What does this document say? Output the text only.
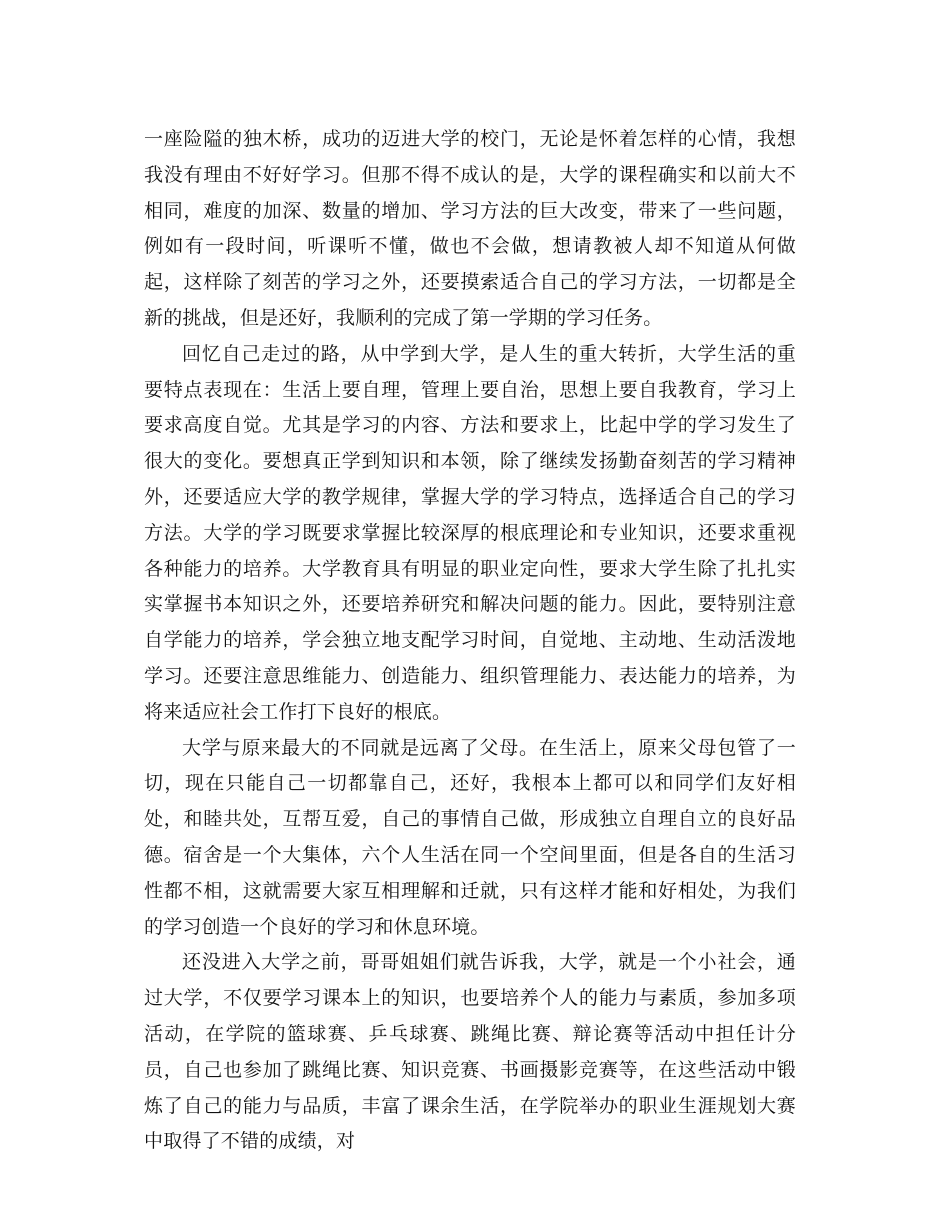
一座险隘的独木桥，成功的迈进大学的校门，无论是怀着怎样的心情，我想我没有理由不好好学习。但那不得不成认的是，大学的课程确实和以前大不相同，难度的加深、数量的增加、学习方法的巨大改变，带来了一些问题，例如有一段时间，听课听不懂，做也不会做，想请教被人却不知道从何做起，这样除了刻苦的学习之外，还要摸索适合自己的学习方法，一切都是全新的挑战，但是还好，我顺利的完成了第一学期的学习任务。

回忆自己走过的路，从中学到大学，是人生的重大转折，大学生活的重要特点表现在：生活上要自理，管理上要自治，思想上要自我教育，学习上要求高度自觉。尤其是学习的内容、方法和要求上，比起中学的学习发生了很大的变化。要想真正学到知识和本领，除了继续发扬勤奋刻苦的学习精神外，还要适应大学的教学规律，掌握大学的学习特点，选择适合自己的学习方法。大学的学习既要求掌握比较深厚的根底理论和专业知识，还要求重视各种能力的培养。大学教育具有明显的职业定向性，要求大学生除了扎扎实实掌握书本知识之外，还要培养研究和解决问题的能力。因此，要特别注意自学能力的培养，学会独立地支配学习时间，自觉地、主动地、生动活泼地学习。还要注意思维能力、创造能力、组织管理能力、表达能力的培养，为将来适应社会工作打下良好的根底。

大学与原来最大的不同就是远离了父母。在生活上，原来父母包管了一切，现在只能自己一切都靠自己，还好，我根本上都可以和同学们友好相处，和睦共处，互帮互爱，自己的事情自己做，形成独立自理自立的良好品德。宿舍是一个大集体，六个人生活在同一个空间里面，但是各自的生活习性都不相，这就需要大家互相理解和迁就，只有这样才能和好相处，为我们的学习创造一个良好的学习和休息环境。

还没进入大学之前，哥哥姐姐们就告诉我，大学，就是一个小社会，通过大学，不仅要学习课本上的知识，也要培养个人的能力与素质，参加多项活动，在学院的篮球赛、乒乓球赛、跳绳比赛、辩论赛等活动中担任计分员，自己也参加了跳绳比赛、知识竞赛、书画摄影竞赛等，在这些活动中锻炼了自己的能力与品质，丰富了课余生活，在学院举办的职业生涯规划大赛中取得了不错的成绩，对
